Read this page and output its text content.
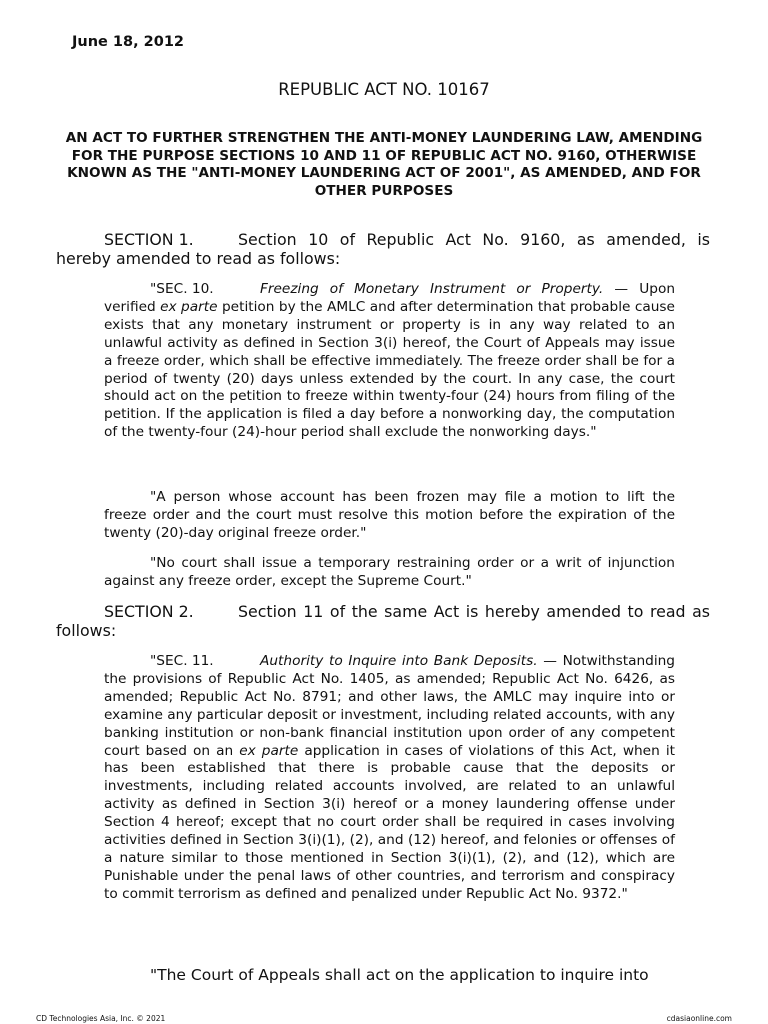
June 18, 2012
REPUBLIC ACT NO. 10167
AN ACT TO FURTHER STRENGTHEN THE ANTI-MONEY LAUNDERING LAW, AMENDING FOR THE PURPOSE SECTIONS 10 AND 11 OF REPUBLIC ACT NO. 9160, OTHERWISE KNOWN AS THE "ANTI-MONEY LAUNDERING ACT OF 2001", AS AMENDED, AND FOR OTHER PURPOSES
SECTION 1.	Section 10 of Republic Act No. 9160, as amended, is hereby amended to read as follows:
"SEC. 10.	Freezing of Monetary Instrument or Property. — Upon verified ex parte petition by the AMLC and after determination that probable cause exists that any monetary instrument or property is in any way related to an unlawful activity as defined in Section 3(i) hereof, the Court of Appeals may issue a freeze order, which shall be effective immediately. The freeze order shall be for a period of twenty (20) days unless extended by the court. In any case, the court should act on the petition to freeze within twenty-four (24) hours from filing of the petition. If the application is filed a day before a nonworking day, the computation of the twenty-four (24)-hour period shall exclude the nonworking days."
"A person whose account has been frozen may file a motion to lift the freeze order and the court must resolve this motion before the expiration of the twenty (20)-day original freeze order."
"No court shall issue a temporary restraining order or a writ of injunction against any freeze order, except the Supreme Court."
SECTION 2.	Section 11 of the same Act is hereby amended to read as follows:
"SEC. 11.	Authority to Inquire into Bank Deposits. — Notwithstanding the provisions of Republic Act No. 1405, as amended; Republic Act No. 6426, as amended; Republic Act No. 8791; and other laws, the AMLC may inquire into or examine any particular deposit or investment, including related accounts, with any banking institution or non-bank financial institution upon order of any competent court based on an ex parte application in cases of violations of this Act, when it has been established that there is probable cause that the deposits or investments, including related accounts involved, are related to an unlawful activity as defined in Section 3(i) hereof or a money laundering offense under Section 4 hereof; except that no court order shall be required in cases involving activities defined in Section 3(i)(1), (2), and (12) hereof, and felonies or offenses of a nature similar to those mentioned in Section 3(i)(1), (2), and (12), which are Punishable under the penal laws of other countries, and terrorism and conspiracy to commit terrorism as defined and penalized under Republic Act No. 9372."
"The Court of Appeals shall act on the application to inquire into
CD Technologies Asia, Inc. © 2021	cdasiaonline.com
